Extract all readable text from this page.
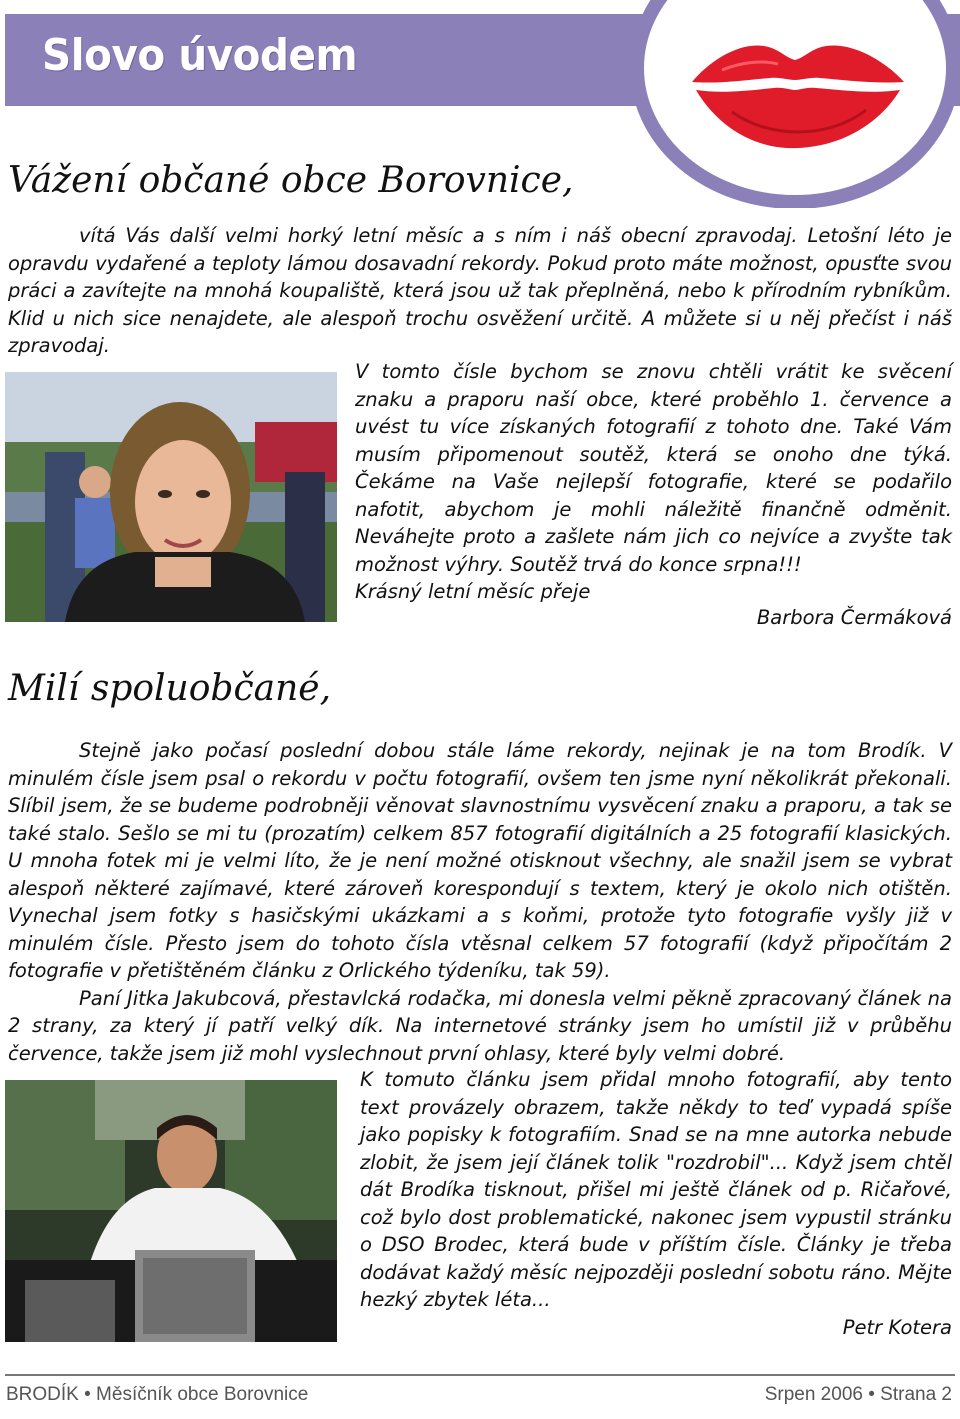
Slovo úvodem
Vážení občané obce Borovnice,

vítá Vás další velmi horký letní měsíc a s ním i náš obecní zpravodaj. Letošní léto je opravdu vydařené a teploty lámou dosavadní rekordy. Pokud proto máte možnost, opusťte svou práci a zavítejte na mnohá koupaliště, která jsou už tak přeplněná, nebo k přírodním rybníkům. Klid u nich sice nenajdete, ale alespoň trochu osvěžení určitě. A můžete si u něj přečíst i náš zpravodaj.

V tomto čísle bychom se znovu chtěli vrátit ke svěcení znaku a praporu naší obce, které proběhlo 1. července a uvést tu více získaných fotografií z tohoto dne. Také Vám musím připomenout soutěž, která se onoho dne týká. Čekáme na Vaše nejlepší fotografie, které se podařilo nafotit, abychom je mohli náležitě finančně odměnit. Neváhejte proto a zašlete nám jich co nejvíce a zvyšte tak možnost výhry. Soutěž trvá do konce srpna!!!
Krásný letní měsíc přeje

Barbora Čermáková

Milí spoluobčané,

Stejně jako počasí poslední dobou stále láme rekordy, nejinak je na tom Brodík. V minulém čísle jsem psal o rekordu v počtu fotografií, ovšem ten jsme nyní několikrát překonali. Slíbil jsem, že se budeme podrobněji věnovat slavnostnímu vysvěcení znaku a praporu, a tak se také stalo. Sešlo se mi tu (prozatím) celkem 857 fotografií digitálních a 25 fotografií klasických. U mnoha fotek mi je velmi líto, že je není možné otisknout všechny, ale snažil jsem se vybrat alespoň některé zajímavé, které zároveň korespondují s textem, který je okolo nich otištěn. Vynechal jsem fotky s hasičskými ukázkami a s koňmi, protože tyto fotografie vyšly již v minulém čísle. Přesto jsem do tohoto čísla vtěsnal celkem 57 fotografií (když připočítám 2 fotografie v přetištěném článku z Orlického týdeníku, tak 59).
Paní Jitka Jakubcová, přestavlcká rodačka, mi donesla velmi pěkně zpracovaný článek na 2 strany, za který jí patří velký dík. Na internetové stránky jsem ho umístil již v průběhu července, takže jsem již mohl vyslechnout první ohlasy, které byly velmi dobré.

K tomuto článku jsem přidal mnoho fotografií, aby tento text provázely obrazem, takže někdy to teď vypadá spíše jako popisky k fotografiím. Snad se na mne autorka nebude zlobit, že jsem její článek tolik "rozdrobil"... Když jsem chtěl dát Brodíka tisknout, přišel mi ještě článek od p. Ričařové, což bylo dost problematické, nakonec jsem vypustil stránku o DSO Brodec, která bude v příštím čísle. Články je třeba dodávat každý měsíc nejpozději poslední sobotu ráno. Mějte hezký zbytek léta...

Petr Kotera

BRODÍK • Měsíčník obce Borovnice	Srpen 2006 • Strana 2
